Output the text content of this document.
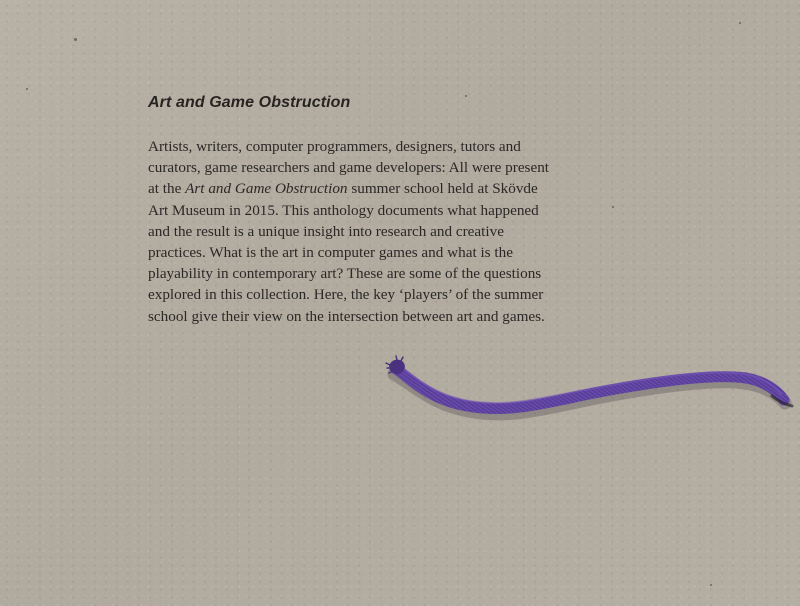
Art and Game Obstruction

Artists, writers, computer programmers, designers, tutors and
curators, game researchers and game developers: All were present
at the Art and Game Obstruction summer school held at Skövde
Art Museum in 2015. This anthology documents what happened
and the result is a unique insight into research and creative
practices. What is the art in computer games and what is the
playability in contemporary art? These are some of the questions
explored in this collection. Here, the key ‘players’ of the summer
school give their view on the intersection between art and games.
